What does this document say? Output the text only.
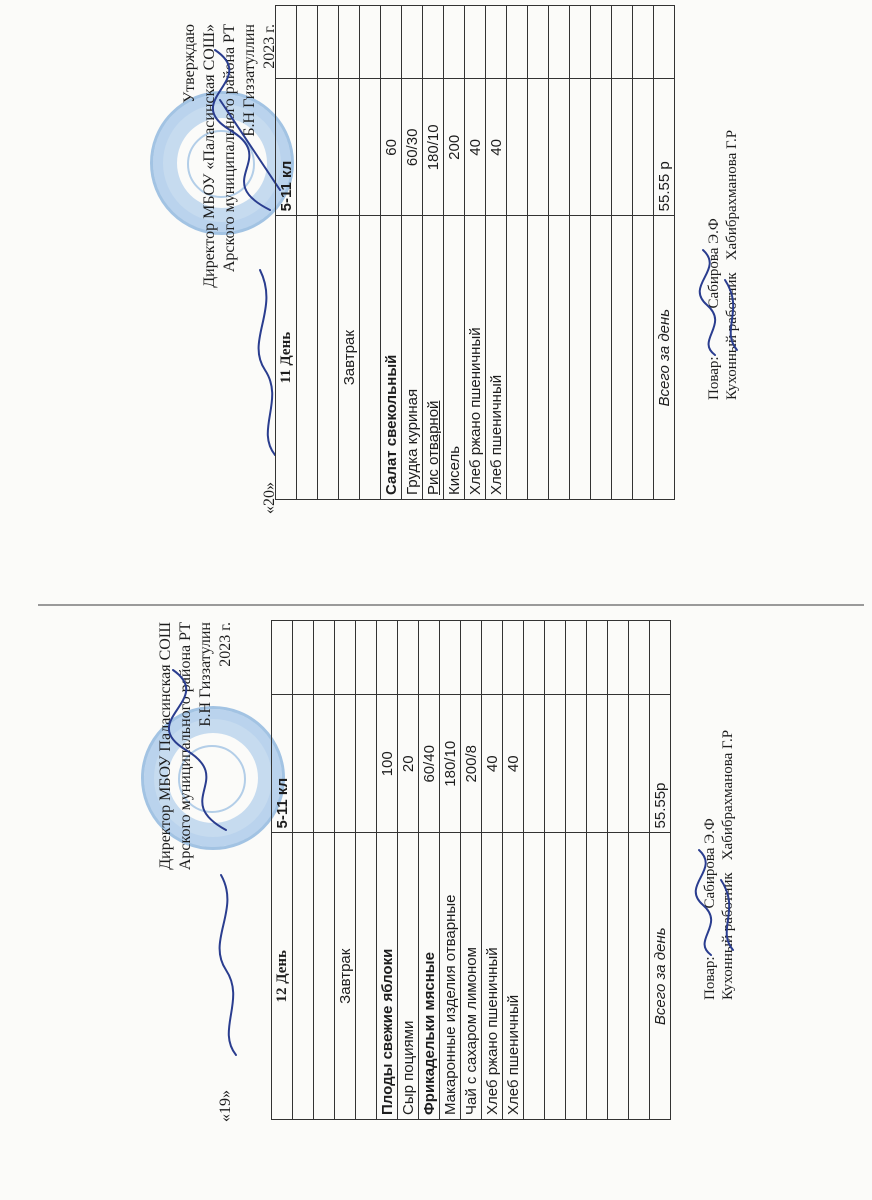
Утверждаю Директор МБОУ «Паласинская СОШ» Арского муниципального района РТ Б.Н Гиззатуллин
«20»
2023 г.
11 День	5-11 кл	

Завтрак		

Салат свекольный	60	
Грудка куриная	60/30	
Рис отварной	180/10	
Кисель	200	
Хлеб ржано пшеничный	40	
Хлеб пшеничный	40	

Всего за день	55.55 р	
Повар:
Сабирова Э.Ф
Кухонный работник
Хабибрахманова Г.Р
Директор МБОУ Паласинская СОШ Арского муниципального района РТ Б.Н Гиззатулин
«19»
2023 г.
12 День	5-11 кл	

Завтрак		

Плоды свежие яблоки	100	
Сыр поциями	20	
Фрикадельки мясные	60/40	
Макаронные изделия отварные	180/10	
Чай с сахаром лимоном	200/8	
Хлеб ржано пшеничный	40	
Хлеб пшеничный	40	

Всего за день	55.55р	
Повар:
Сабирова Э.Ф
Кухонный работник
Хабибрахманова Г.Р
